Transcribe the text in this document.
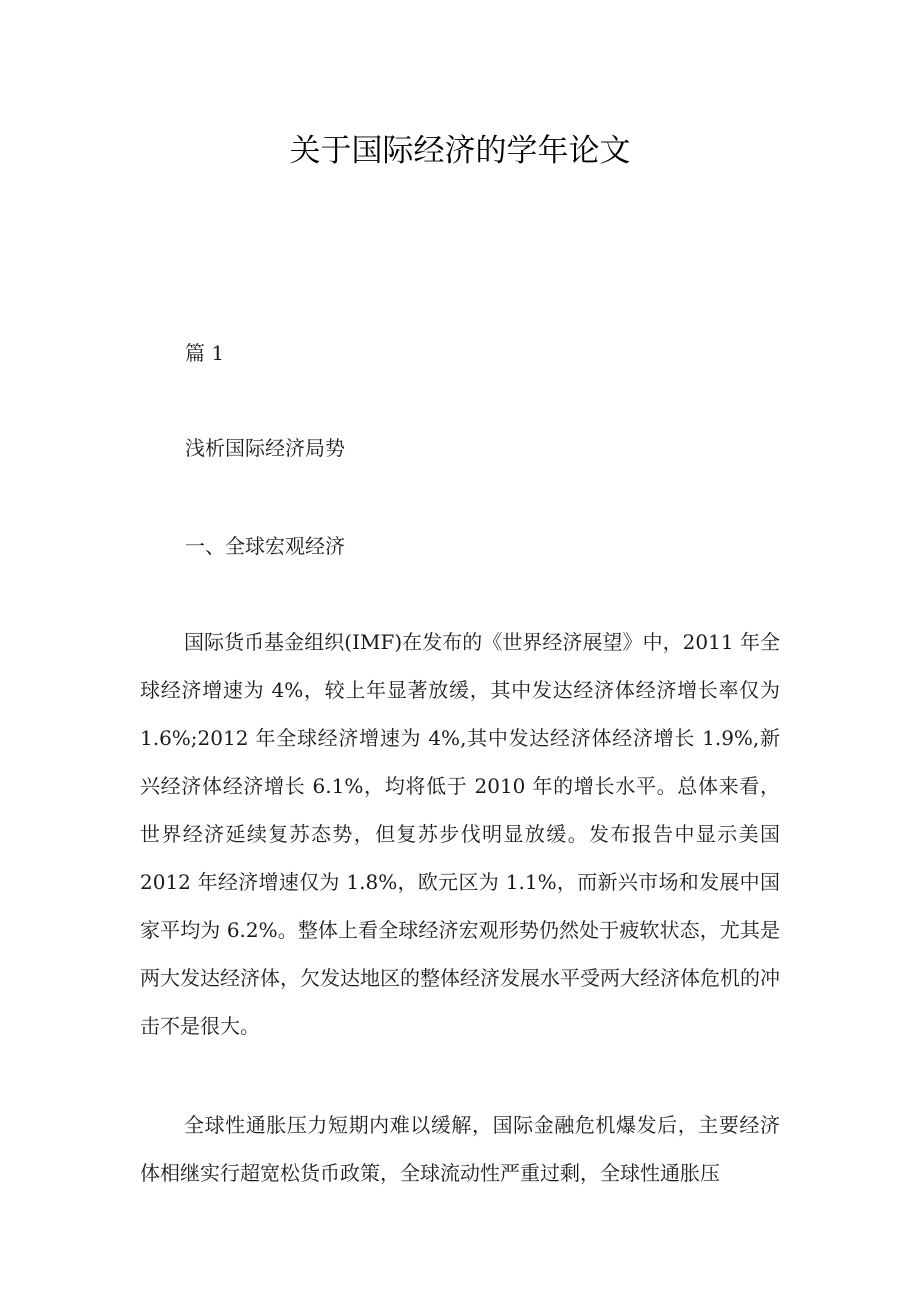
关于国际经济的学年论文
篇 1
浅析国际经济局势
一、全球宏观经济

国际货币基金组织(IMF)在发布的《世界经济展望》中，2011 年全球经济增速为 4%，较上年显著放缓，其中发达经济体经济增长率仅为 1.6%;2012 年全球经济增速为 4%,其中发达经济体经济增长 1.9%,新兴经济体经济增长 6.1%，均将低于 2010 年的增长水平。总体来看，世界经济延续复苏态势，但复苏步伐明显放缓。发布报告中显示美国 2012 年经济增速仅为 1.8%，欧元区为 1.1%，而新兴市场和发展中国家平均为 6.2%。整体上看全球经济宏观形势仍然处于疲软状态，尤其是两大发达经济体，欠发达地区的整体经济发展水平受两大经济体危机的冲击不是很大。

全球性通胀压力短期内难以缓解，国际金融危机爆发后，主要经济体相继实行超宽松货币政策，全球流动性严重过剩，全球性通胀压
